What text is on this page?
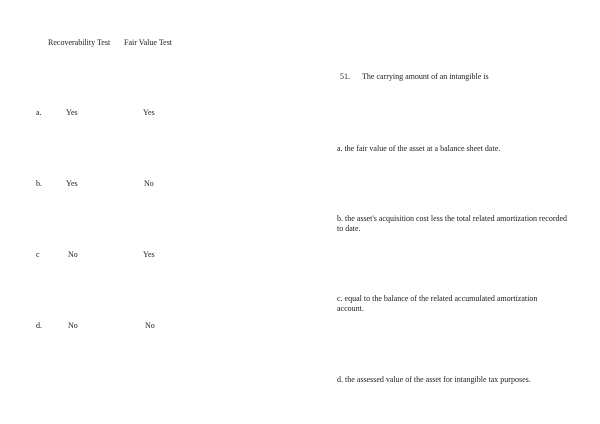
Recoverability Test Fair Value Test
a.	Yes	Yes
b.	Yes	No
c	No	Yes
d.	No	No
51. The carrying amount of an intangible is
a. the fair value of the asset at a balance sheet date.
b. the asset's acquisition cost less the total related amortization recorded to date.
c. equal to the balance of the related accumulated amortization account.
d. the assessed value of the asset for intangible tax purposes.
